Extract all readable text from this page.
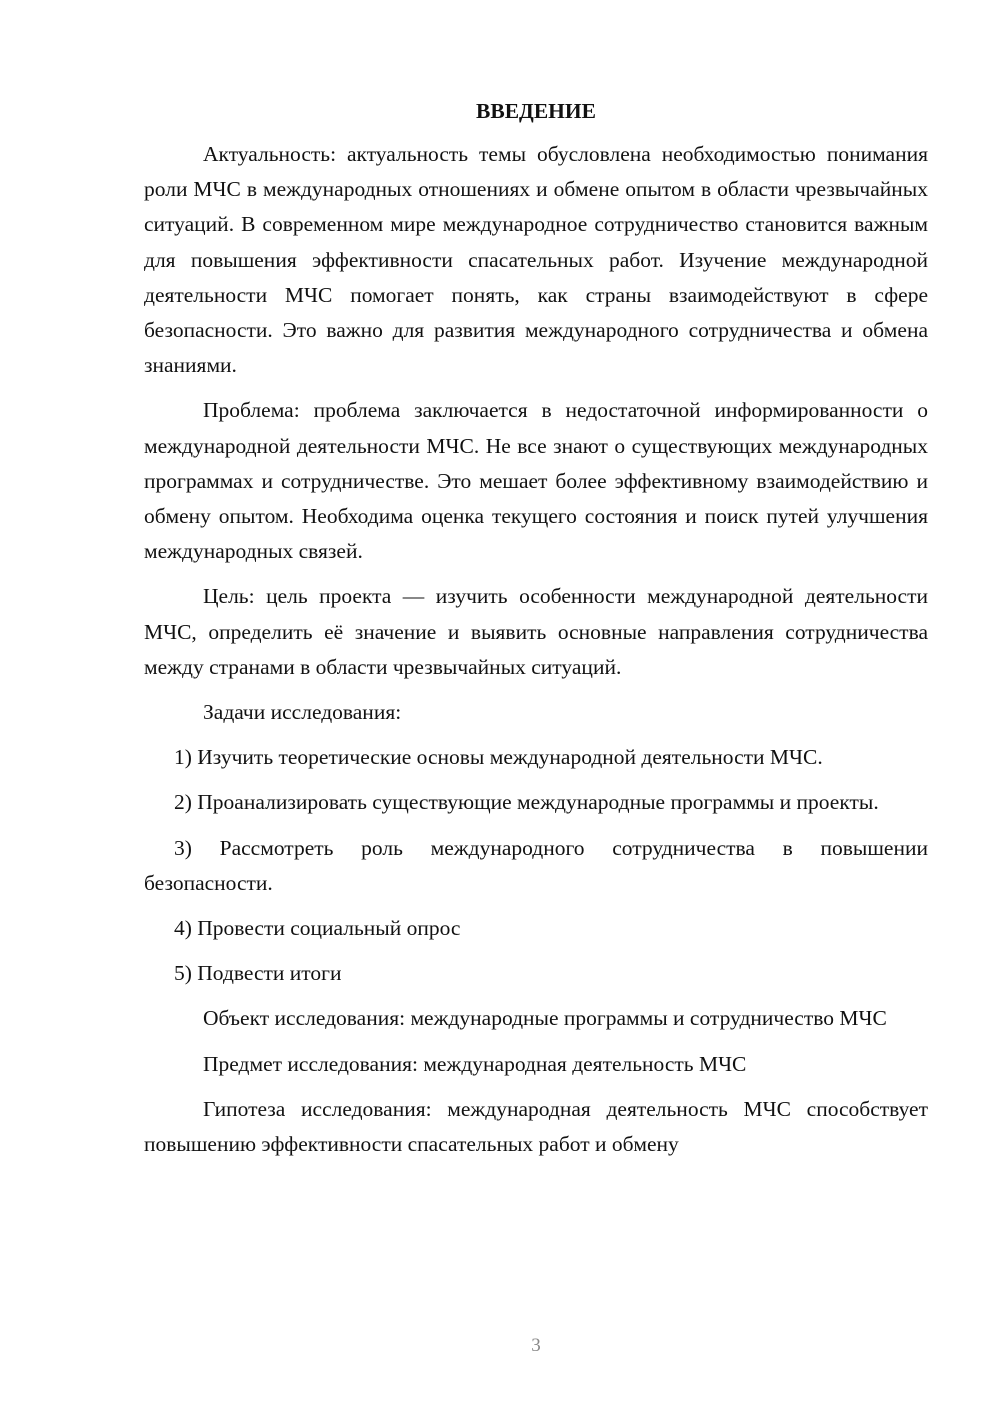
ВВЕДЕНИЕ

Актуальность: актуальность темы обусловлена необходимостью понимания роли МЧС в международных отношениях и обмене опытом в области чрезвычайных ситуаций. В современном мире международное сотрудничество становится важным для повышения эффективности спасательных работ. Изучение международной деятельности МЧС помогает понять, как страны взаимодействуют в сфере безопасности. Это важно для развития международного сотрудничества и обмена знаниями.

Проблема: проблема заключается в недостаточной информированности о международной деятельности МЧС. Не все знают о существующих международных программах и сотрудничестве. Это мешает более эффективному взаимодействию и обмену опытом. Необходима оценка текущего состояния и поиск путей улучшения международных связей.

Цель: цель проекта — изучить особенности международной деятельности МЧС, определить её значение и выявить основные направления сотрудничества между странами в области чрезвычайных ситуаций.

Задачи исследования:

1) Изучить теоретические основы международной деятельности МЧС.

2) Проанализировать существующие международные программы и проекты.

3) Рассмотреть роль международного сотрудничества в повышении безопасности.

4) Провести социальный опрос

5) Подвести итоги

Объект исследования: международные программы и сотрудничество МЧС

Предмет исследования: международная деятельность МЧС

Гипотеза исследования: международная деятельность МЧС способствует повышению эффективности спасательных работ и обмену

3
